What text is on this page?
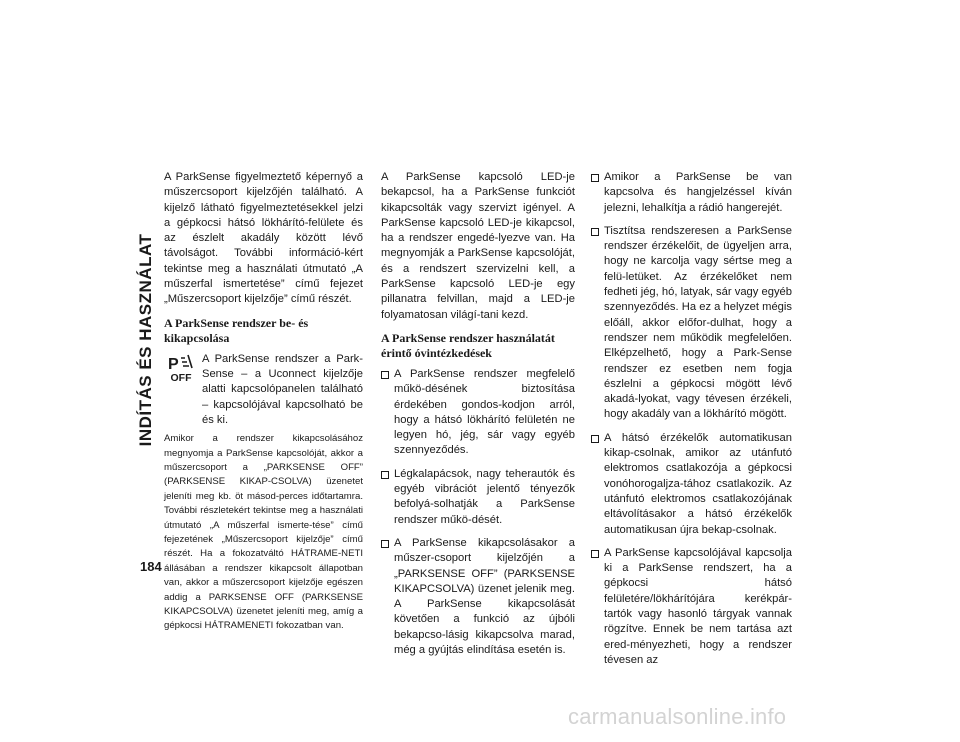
INDÍTÁS ÉS HASZNÁLAT

A ParkSense figyelmeztető képernyő a műszercsoport kijelzőjén található. A kijelző látható figyelmeztetésekkel jelzi a gépkocsi hátsó lökhárító-felülete és az észlelt akadály között lévő távolságot. További információ-kért tekintse meg a használati útmutató „A műszerfal ismertetése” című fejezet „Műszercsoport kijelzője” című részét.

A ParkSense rendszer be- és kikapcsolása
P
OFF
A ParkSense rendszer a Park-Sense – a Uconnect kijelzője alatti kapcsolópanelen található – kapcsolójával kapcsolható be és ki.
Amikor a rendszer kikapcsolásához megnyomja a ParkSense kapcsolóját, akkor a műszercsoport a „PARKSENSE OFF” (PARKSENSE KIKAP-CSOLVA) üzenetet jeleníti meg kb. öt másod-perces időtartamra. További részletekért tekintse meg a használati útmutató „A műszerfal ismerte-tése” című fejezetének „Műszercsoport kijelzője” című részét. Ha a fokozatváltó HÁTRAME-NETI állásában a rendszer kikapcsolt állapotban van, akkor a műszercsoport kijelzője egészen addig a PARKSENSE OFF (PARKSENSE KIKAPCSOLVA) üzenetet jeleníti meg, amíg a gépkocsi HÁTRAMENETI fokozatban van.

A ParkSense kapcsoló LED-je bekapcsol, ha a ParkSense funkciót kikapcsolták vagy szervizt igényel. A ParkSense kapcsoló LED-je kikapcsol, ha a rendszer engedé-lyezve van. Ha megnyomják a ParkSense kapcsolóját, és a rendszert szervizelni kell, a ParkSense kapcsoló LED-je egy pillanatra felvillan, majd a LED-je folyamatosan világí-tani kezd.

A ParkSense rendszer használatát érintő óvintézkedések
A ParkSense rendszer megfelelő műkö-désének biztosítása érdekében gondos-kodjon arról, hogy a hátsó lökhárító felületén ne legyen hó, jég, sár vagy egyéb szennyeződés.
Légkalapácsok, nagy teherautók és egyéb vibrációt jelentő tényezők befolyá-solhatják a ParkSense rendszer műkö-dését.
A ParkSense kikapcsolásakor a műszer-csoport kijelzőjén a „PARKSENSE OFF” (PARKSENSE KIKAPCSOLVA) üzenet jelenik meg. A ParkSense kikapcsolását követően a funkció az újbóli bekapcso-lásig kikapcsolva marad, még a gyújtás elindítása esetén is.
Amikor a ParkSense be van kapcsolva és hangjelzéssel kíván jelezni, lehalkítja a rádió hangerejét.
Tisztítsa rendszeresen a ParkSense rendszer érzékelőit, de ügyeljen arra, hogy ne karcolja vagy sértse meg a felü-letüket. Az érzékelőket nem fedheti jég, hó, latyak, sár vagy egyéb szennyeződés. Ha ez a helyzet mégis előáll, akkor előfor-dulhat, hogy a rendszer nem működik megfelelően. Elképzelhető, hogy a Park-Sense rendszer ez esetben nem fogja észlelni a gépkocsi mögött lévő akadá-lyokat, vagy tévesen érzékeli, hogy akadály van a lökhárító mögött.
A hátsó érzékelők automatikusan kikap-csolnak, amikor az utánfutó elektromos csatlakozója a gépkocsi vonóhorogaljza-tához csatlakozik. Az utánfutó elektromos csatlakozójának eltávolításakor a hátsó érzékelők automatikusan újra bekap-csolnak.
A ParkSense kapcsolójával kapcsolja ki a ParkSense rendszert, ha a gépkocsi hátsó felületére/lökhárítójára kerékpár-tartók vagy hasonló tárgyak vannak rögzítve. Ennek be nem tartása azt ered-ményezheti, hogy a rendszer tévesen az
184
carmanualsonline.info
